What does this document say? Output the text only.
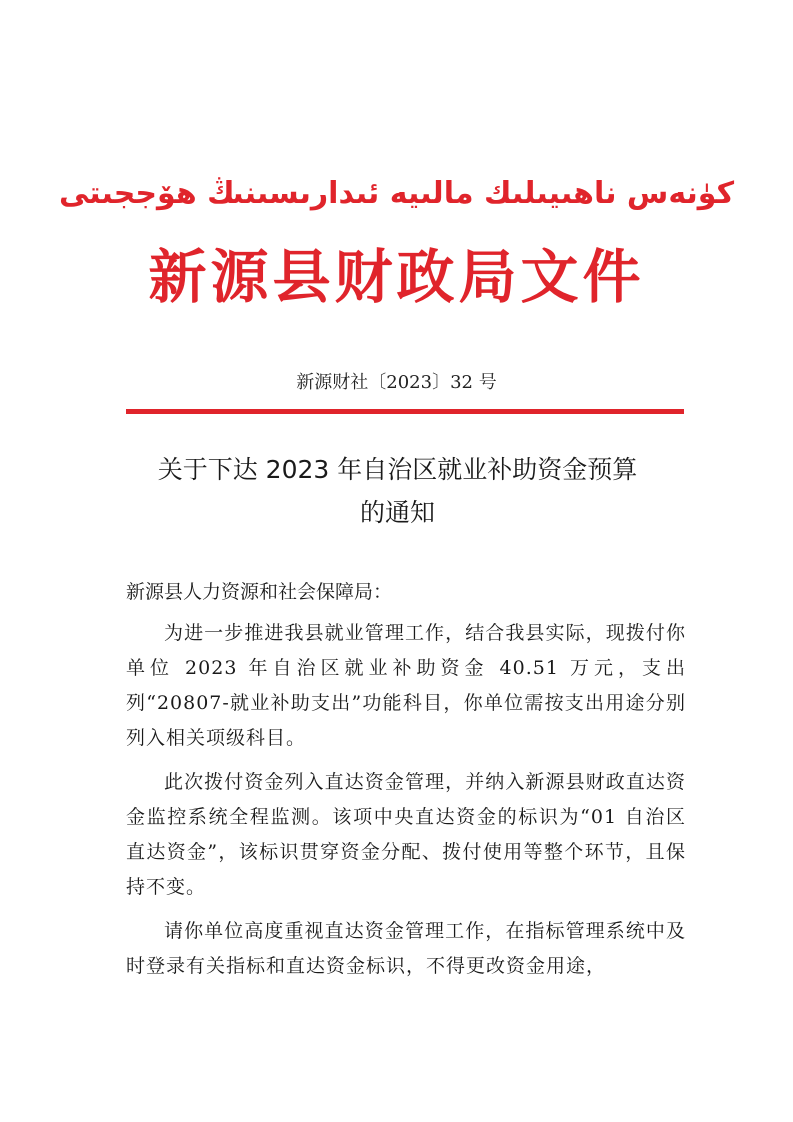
كۈنەس ناھىيىلىك مالىيە ئىدارىسىنىڭ ھۆججىتى
新源县财政局文件
新源财社〔2023〕32 号
关于下达 2023 年自治区就业补助资金预算
的通知
新源县人力资源和社会保障局：

为进一步推进我县就业管理工作，结合我县实际，现拨付你单位 2023 年自治区就业补助资金 40.51 万元，支出列“20807-就业补助支出”功能科目，你单位需按支出用途分别列入相关项级科目。

此次拨付资金列入直达资金管理，并纳入新源县财政直达资金监控系统全程监测。该项中央直达资金的标识为“01 自治区直达资金”，该标识贯穿资金分配、拨付使用等整个环节，且保持不变。

请你单位高度重视直达资金管理工作，在指标管理系统中及时登录有关指标和直达资金标识，不得更改资金用途，
